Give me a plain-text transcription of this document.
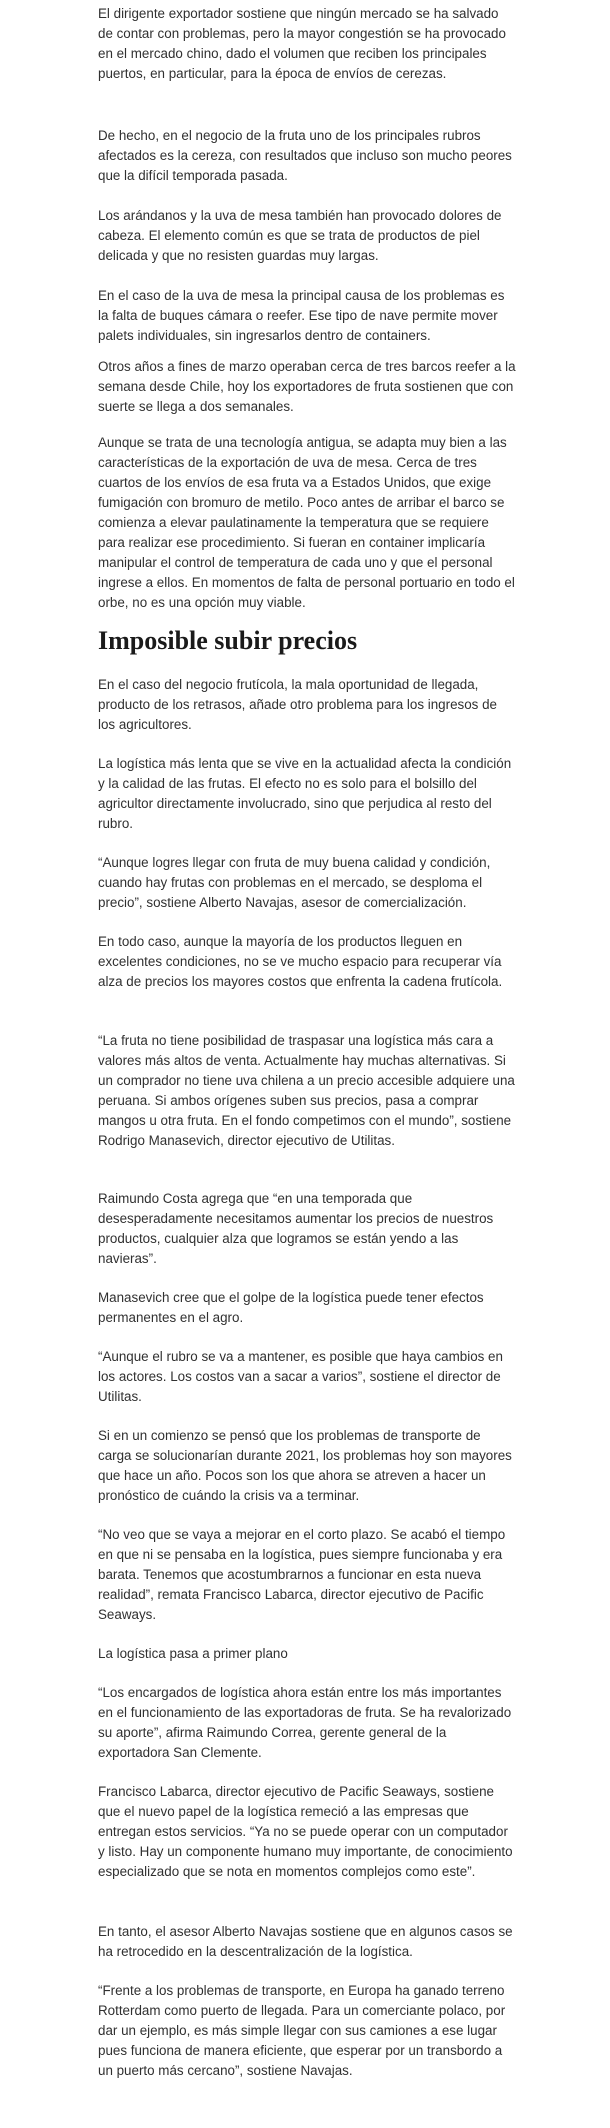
El dirigente exportador sostiene que ningún mercado se ha salvado de contar con problemas, pero la mayor congestión se ha provocado en el mercado chino, dado el volumen que reciben los principales puertos, en particular, para la época de envíos de cerezas.

De hecho, en el negocio de la fruta uno de los principales rubros afectados es la cereza, con resultados que incluso son mucho peores que la difícil temporada pasada.

Los arándanos y la uva de mesa también han provocado dolores de cabeza. El elemento común es que se trata de productos de piel delicada y que no resisten guardas muy largas.

En el caso de la uva de mesa la principal causa de los problemas es la falta de buques cámara o reefer. Ese tipo de nave permite mover palets individuales, sin ingresarlos dentro de containers.

Otros años a fines de marzo operaban cerca de tres barcos reefer a la semana desde Chile, hoy los exportadores de fruta sostienen que con suerte se llega a dos semanales.

Aunque se trata de una tecnología antigua, se adapta muy bien a las características de la exportación de uva de mesa. Cerca de tres cuartos de los envíos de esa fruta va a Estados Unidos, que exige fumigación con bromuro de metilo. Poco antes de arribar el barco se comienza a elevar paulatinamente la temperatura que se requiere para realizar ese procedimiento. Si fueran en container implicaría manipular el control de temperatura de cada uno y que el personal ingrese a ellos. En momentos de falta de personal portuario en todo el orbe, no es una opción muy viable.

Imposible subir precios

En el caso del negocio frutícola, la mala oportunidad de llegada, producto de los retrasos, añade otro problema para los ingresos de los agricultores.

La logística más lenta que se vive en la actualidad afecta la condición y la calidad de las frutas. El efecto no es solo para el bolsillo del agricultor directamente involucrado, sino que perjudica al resto del rubro.

“Aunque logres llegar con fruta de muy buena calidad y condición, cuando hay frutas con problemas en el mercado, se desploma el precio”, sostiene Alberto Navajas, asesor de comercialización.

En todo caso, aunque la mayoría de los productos lleguen en excelentes condiciones, no se ve mucho espacio para recuperar vía alza de precios los mayores costos que enfrenta la cadena frutícola.

“La fruta no tiene posibilidad de traspasar una logística más cara a valores más altos de venta. Actualmente hay muchas alternativas. Si un comprador no tiene uva chilena a un precio accesible adquiere una peruana. Si ambos orígenes suben sus precios, pasa a comprar mangos u otra fruta. En el fondo competimos con el mundo”, sostiene Rodrigo Manasevich, director ejecutivo de Utilitas.

Raimundo Costa agrega que “en una temporada que desesperadamente necesitamos aumentar los precios de nuestros productos, cualquier alza que logramos se están yendo a las navieras”.

Manasevich cree que el golpe de la logística puede tener efectos permanentes en el agro.

“Aunque el rubro se va a mantener, es posible que haya cambios en los actores. Los costos van a sacar a varios”, sostiene el director de Utilitas.

Si en un comienzo se pensó que los problemas de transporte de carga se solucionarían durante 2021, los problemas hoy son mayores que hace un año. Pocos son los que ahora se atreven a hacer un pronóstico de cuándo la crisis va a terminar.

“No veo que se vaya a mejorar en el corto plazo. Se acabó el tiempo en que ni se pensaba en la logística, pues siempre funcionaba y era barata. Tenemos que acostumbrarnos a funcionar en esta nueva realidad”, remata Francisco Labarca, director ejecutivo de Pacific Seaways.

La logística pasa a primer plano

“Los encargados de logística ahora están entre los más importantes en el funcionamiento de las exportadoras de fruta. Se ha revalorizado su aporte”, afirma Raimundo Correa, gerente general de la exportadora San Clemente.

Francisco Labarca, director ejecutivo de Pacific Seaways, sostiene que el nuevo papel de la logística remeció a las empresas que entregan estos servicios. “Ya no se puede operar con un computador y listo. Hay un componente humano muy importante, de conocimiento especializado que se nota en momentos complejos como este”.

En tanto, el asesor Alberto Navajas sostiene que en algunos casos se ha retrocedido en la descentralización de la logística.

“Frente a los problemas de transporte, en Europa ha ganado terreno Rotterdam como puerto de llegada. Para un comerciante polaco, por dar un ejemplo, es más simple llegar con sus camiones a ese lugar pues funciona de manera eficiente, que esperar por un transbordo a un puerto más cercano”, sostiene Navajas.
